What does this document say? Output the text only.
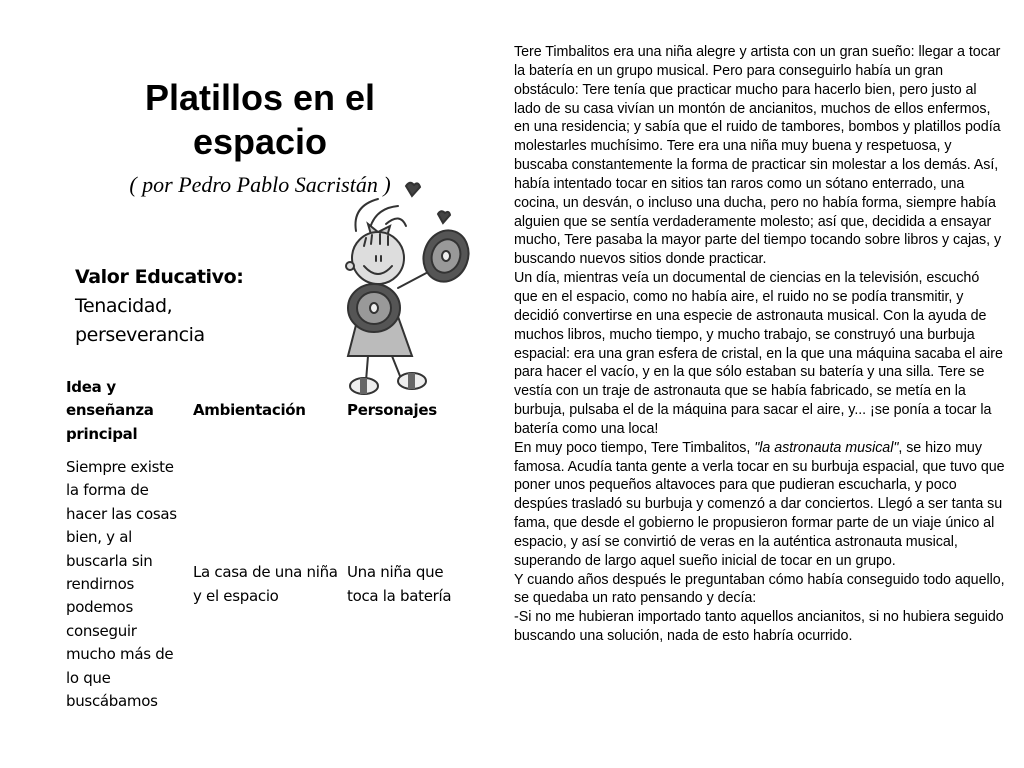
Platillos en el espacio
( por Pedro Pablo Sacristán )
Valor Educativo:
Tenacidad,
perseverancia
Idea y enseñanza principal	Ambientación	Personajes
Siempre existe la forma de hacer las cosas bien, y al buscarla sin rendirnos podemos conseguir mucho más de lo que buscábamos	La casa de una niña y el espacio	Una niña que toca la batería

Tere Timbalitos era una niña alegre y artista con un gran sueño: llegar a tocar la batería en un grupo musical. Pero para conseguirlo había un gran obstáculo: Tere tenía que practicar mucho para hacerlo bien, pero justo al lado de su casa vivían un montón de ancianitos, muchos de ellos enfermos, en una residencia; y sabía que el ruido de tambores, bombos y platillos podía molestarles muchísimo. Tere era una niña muy buena y respetuosa, y buscaba constantemente la forma de practicar sin molestar a los demás. Así, había intentado tocar en sitios tan raros como un sótano enterrado, una cocina, un desván, o incluso una ducha, pero no había forma, siempre había alguien que se sentía verdaderamente molesto; así que, decidida a ensayar mucho, Tere pasaba la mayor parte del tiempo tocando sobre libros y cajas, y buscando nuevos sitios donde practicar.

Un día, mientras veía un documental de ciencias en la televisión, escuchó que en el espacio, como no había aire, el ruido no se podía transmitir, y decidió convertirse en una especie de astronauta musical. Con la ayuda de muchos libros, mucho tiempo, y mucho trabajo, se construyó una burbuja espacial: era una gran esfera de cristal, en la que una máquina sacaba el aire para hacer el vacío, y en la que sólo estaban su batería y una silla. Tere se vestía con un traje de astronauta que se había fabricado, se metía en la burbuja, pulsaba el de la máquina para sacar el aire, y... ¡se ponía a tocar la batería como una loca!

En muy poco tiempo, Tere Timbalitos, "la astronauta musical", se hizo muy famosa. Acudía tanta gente a verla tocar en su burbuja espacial, que tuvo que poner unos pequeños altavoces para que pudieran escucharla, y poco despúes trasladó su burbuja y comenzó a dar conciertos. Llegó a ser tanta su fama, que desde el gobierno le propusieron formar parte de un viaje único al espacio, y así se convirtió de veras en la auténtica astronauta musical, superando de largo aquel sueño inicial de tocar en un grupo.

Y cuando años después le preguntaban cómo había conseguido todo aquello, se quedaba un rato pensando y decía:

-Si no me hubieran importado tanto aquellos ancianitos, si no hubiera seguido buscando una solución, nada de esto habría ocurrido.
